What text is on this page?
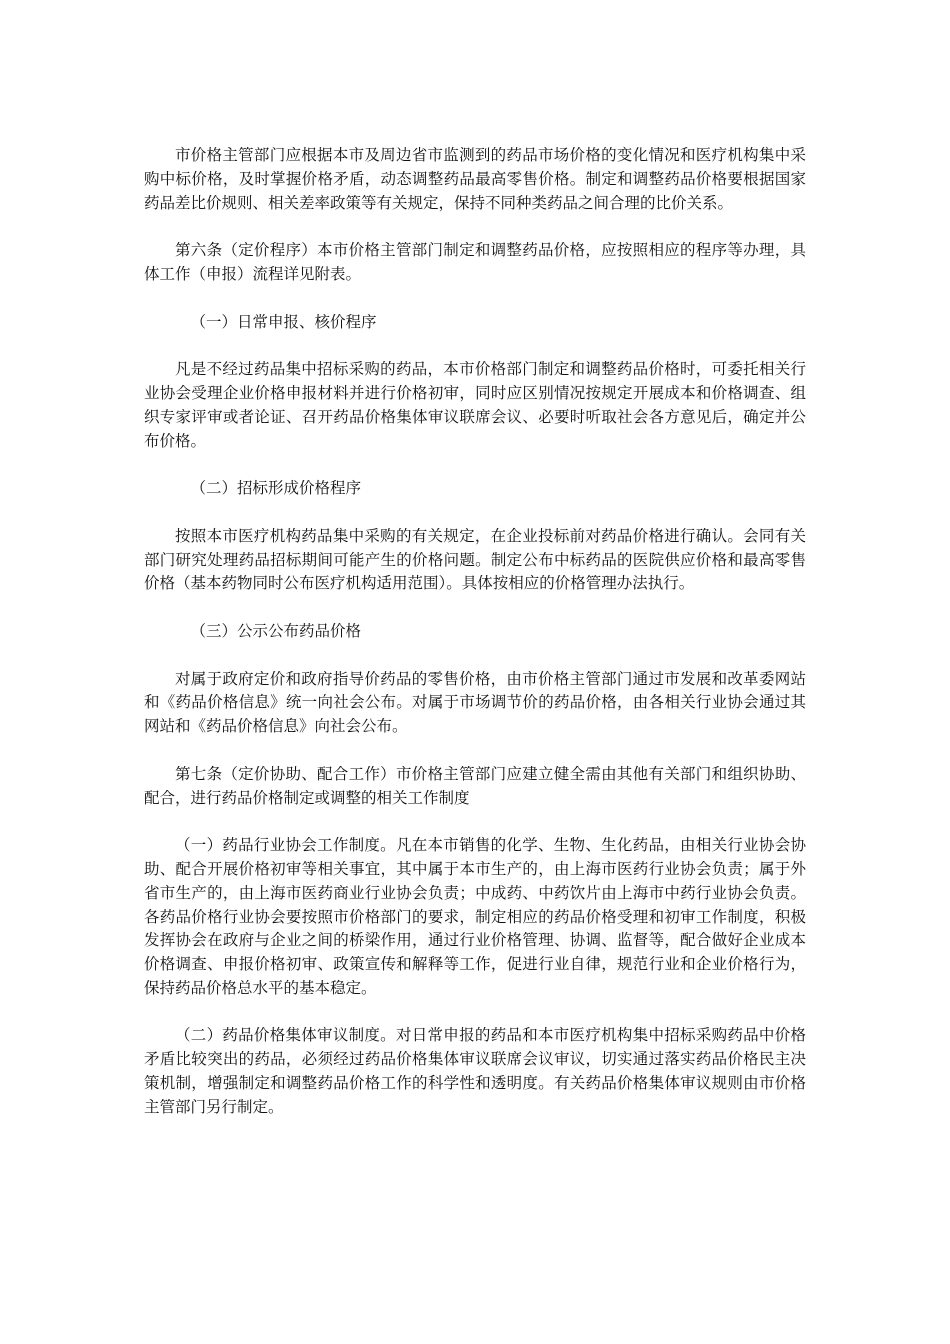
市价格主管部门应根据本市及周边省市监测到的药品市场价格的变化情况和医疗机构集中采购中标价格，及时掌握价格矛盾，动态调整药品最高零售价格。制定和调整药品价格要根据国家药品差比价规则、相关差率政策等有关规定，保持不同种类药品之间合理的比价关系。

第六条（定价程序）本市价格主管部门制定和调整药品价格，应按照相应的程序等办理，具体工作（申报）流程详见附表。

（一）日常申报、核价程序

凡是不经过药品集中招标采购的药品，本市价格部门制定和调整药品价格时，可委托相关行业协会受理企业价格申报材料并进行价格初审，同时应区别情况按规定开展成本和价格调查、组织专家评审或者论证、召开药品价格集体审议联席会议、必要时听取社会各方意见后，确定并公布价格。

（二）招标形成价格程序

按照本市医疗机构药品集中采购的有关规定，在企业投标前对药品价格进行确认。会同有关部门研究处理药品招标期间可能产生的价格问题。制定公布中标药品的医院供应价格和最高零售价格（基本药物同时公布医疗机构适用范围）。具体按相应的价格管理办法执行。

（三）公示公布药品价格

对属于政府定价和政府指导价药品的零售价格，由市价格主管部门通过市发展和改革委网站和《药品价格信息》统一向社会公布。对属于市场调节价的药品价格，由各相关行业协会通过其网站和《药品价格信息》向社会公布。

第七条（定价协助、配合工作）市价格主管部门应建立健全需由其他有关部门和组织协助、配合，进行药品价格制定或调整的相关工作制度

（一）药品行业协会工作制度。凡在本市销售的化学、生物、生化药品，由相关行业协会协助、配合开展价格初审等相关事宜，其中属于本市生产的，由上海市医药行业协会负责；属于外省市生产的，由上海市医药商业行业协会负责；中成药、中药饮片由上海市中药行业协会负责。各药品价格行业协会要按照市价格部门的要求，制定相应的药品价格受理和初审工作制度，积极发挥协会在政府与企业之间的桥梁作用，通过行业价格管理、协调、监督等，配合做好企业成本价格调查、申报价格初审、政策宣传和解释等工作，促进行业自律，规范行业和企业价格行为，保持药品价格总水平的基本稳定。

（二）药品价格集体审议制度。对日常申报的药品和本市医疗机构集中招标采购药品中价格矛盾比较突出的药品，必须经过药品价格集体审议联席会议审议，切实通过落实药品价格民主决策机制，增强制定和调整药品价格工作的科学性和透明度。有关药品价格集体审议规则由市价格主管部门另行制定。
